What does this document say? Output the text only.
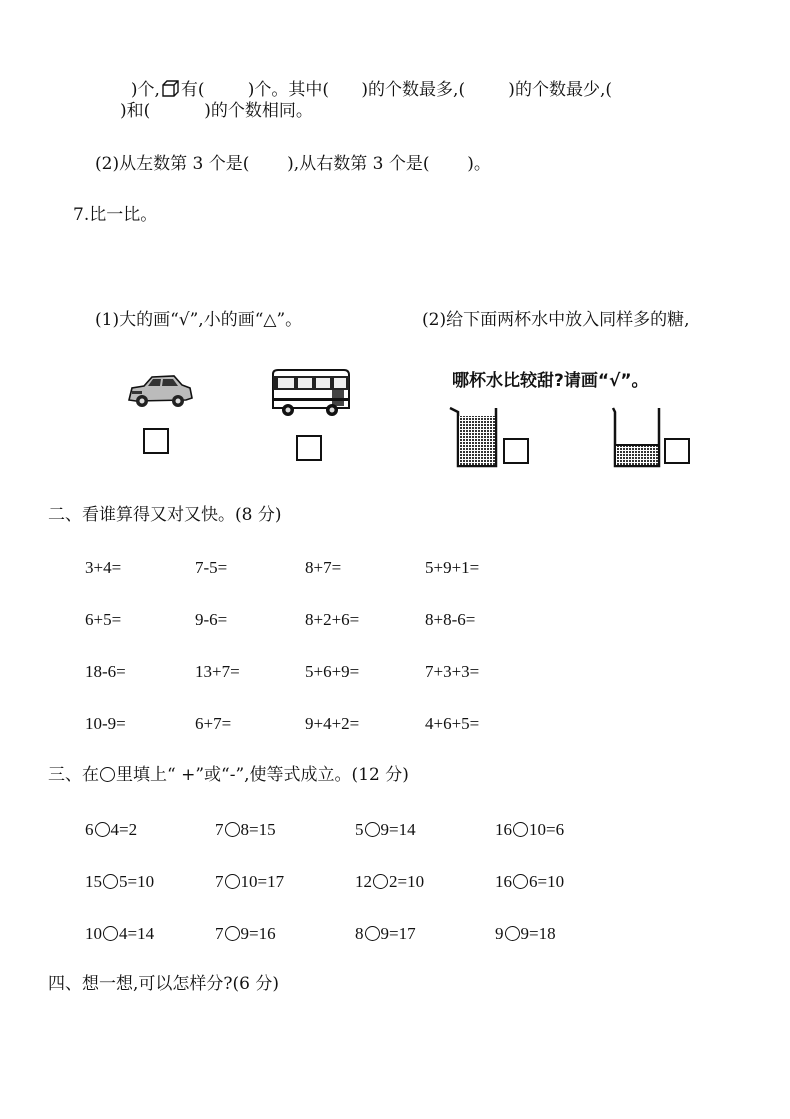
)个, 有(        )个。其中(      )的个数最多,(        )的个数最少,(

)和(          )的个数相同。
(2)从左数第 3 个是(       ),从右数第 3 个是(       )。
7.比一比。
(1)大的画“√”,小的画“△”。	(2)给下面两杯水中放入同样多的糖,
哪杯水比较甜?请画“√”。
二、看谁算得又对又快。(8 分)
3+4=	7-5=	8+7=	5+9+1=
6+5=	9-6=	8+2+6=	8+8-6=
18-6=	13+7=	5+6+9=	7+3+3=
10-9=	6+7=	9+4+2=	4+6+5=
三、在 里填上“ +”或“-”,使等式成立。(12 分)
6 4=2	7 8=15	5 9=14	16 10=6
15 5=10	7 10=17	12 2=10	16 6=10
10 4=14	7 9=16	8 9=17	9 9=18
四、想一想,可以怎样分?(6 分)
